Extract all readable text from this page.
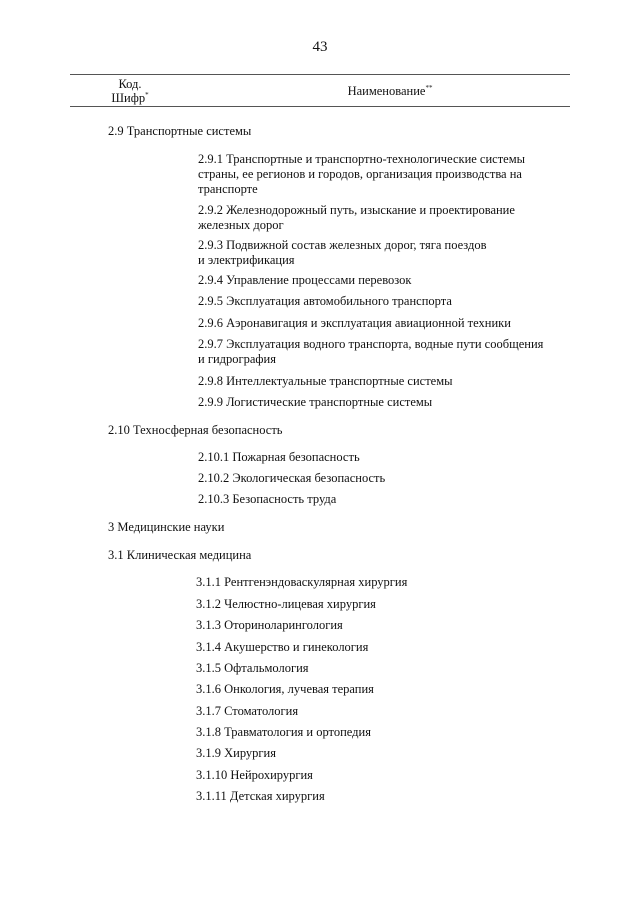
43
Код.
Шифр*	Наименование**
2.9 Транспортные системы
2.9.1 Транспортные и транспортно-технологические системы
страны, ее регионов и городов, организация производства на
транспорте
2.9.2 Железнодорожный путь, изыскание и проектирование
железных дорог
2.9.3 Подвижной состав железных дорог, тяга поездов
и электрификация
2.9.4 Управление процессами перевозок
2.9.5 Эксплуатация автомобильного транспорта
2.9.6 Аэронавигация и эксплуатация авиационной техники
2.9.7 Эксплуатация водного транспорта, водные пути сообщения
и гидрография
2.9.8 Интеллектуальные транспортные системы
2.9.9 Логистические транспортные системы
2.10 Техносферная безопасность
2.10.1 Пожарная безопасность
2.10.2 Экологическая безопасность
2.10.3 Безопасность труда
3 Медицинские науки
3.1 Клиническая медицина
3.1.1 Рентгенэндоваскулярная хирургия
3.1.2 Челюстно-лицевая хирургия
3.1.3 Оториноларингология
3.1.4 Акушерство и гинекология
3.1.5 Офтальмология
3.1.6 Онкология, лучевая терапия
3.1.7 Стоматология
3.1.8 Травматология и ортопедия
3.1.9 Хирургия
3.1.10 Нейрохирургия
3.1.11 Детская хирургия
